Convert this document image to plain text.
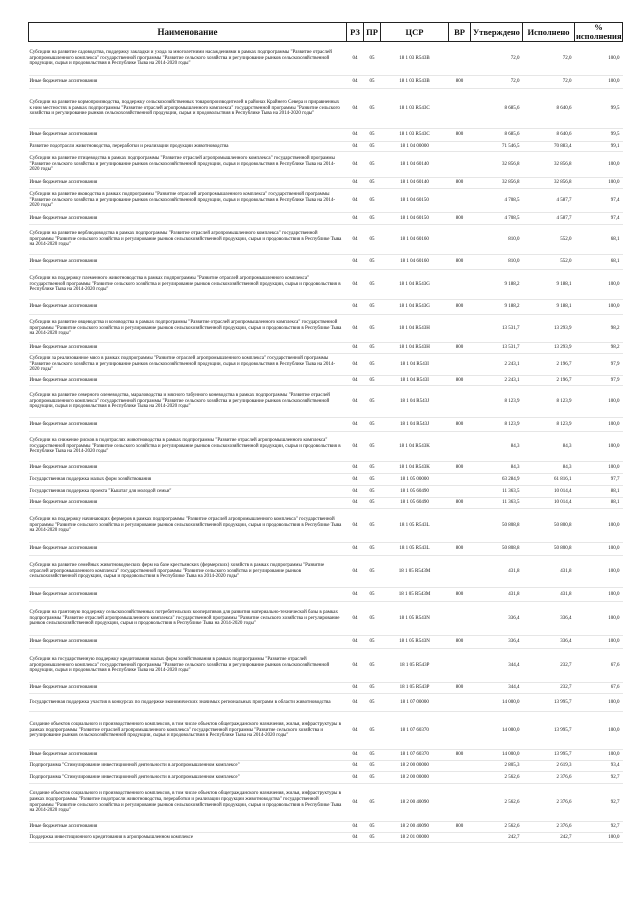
Наименование	РЗ	ПР	ЦСР	ВР	Утверждено	Исполнено	% исполнения
Субсидии на развитие садоводства, поддержку закладки и ухода за многолетними насаждениями в рамках подпрограммы "Развитие отраслей агропромышленного комплекса" государственной программы "Развитие сельского хозяйства и регулирование рынков сельскохозяйственной продукции, сырья и продовольствия в Республике Тыва на 2014-2020 годы"	04	05	18 1 03 R543B		72,0	72,0	100,0
Иные бюджетные ассигнования	04	05	18 1 03 R543B	800	72,0	72,0	100,0
Субсидии на развитие кормопроизводства, поддержку сельскохозяйственных товаропроизводителей в районах Крайнего Севера и приравненных к ним местностях в рамках подпрограммы "Развитие отраслей агропромышленного комплекса" государственной программы "Развитие сельского хозяйства и регулирование рынков сельскохозяйственной продукции, сырья и продовольствия в Республике Тыва на 2014-2020 годы"	04	05	18 1 03 R543C		8 685,6	8 640,6	99,5
Иные бюджетные ассигнования	04	05	18 1 03 R543C	800	8 685,6	8 640,6	99,5
Развитие подотрасли животноводства, переработки и реализации продукции животноводства	04	05	18 1 04 00000		71 546,5	70 883,4	99,1
Субсидии на развитие птицеводства в рамках подпрограммы "Развитие отраслей агропромышленного комплекса" государственной программы "Развитие сельского хозяйства и регулирование рынков сельскохозяйственной продукции, сырья и продовольствия в Республике Тыва на 2014-2020 годы"	04	05	18 1 04 60140		32 856,8	32 856,8	100,0
Иные бюджетные ассигнования	04	05	18 1 04 60140	800	32 856,8	32 856,8	100,0
Субсидии на развитие яководства в рамках подпрограммы "Развитие отраслей агропромышленного комплекса" государственной программы "Развитие сельского хозяйства и регулирование рынков сельскохозяйственной продукции, сырья и продовольствия в Республике Тыва на 2014-2020 годы"	04	05	18 1 04 60150		4 708,5	4 587,7	97,4
Иные бюджетные ассигнования	04	05	18 1 04 60150	800	4 708,5	4 587,7	97,4
Субсидии на развитие верблюдоводства в рамках подпрограммы "Развитие отраслей агропромышленного комплекса" государственной программы "Развитие сельского хозяйства и регулирование рынков сельскохозяйственной продукции, сырья и продовольствия в Республике Тыва на 2014-2020 годы"	04	05	18 1 04 60160		810,0	552,0	68,1
Иные бюджетные ассигнования	04	05	18 1 04 60160	800	810,0	552,0	68,1
Субсидии на поддержку племенного животноводства в рамках подпрограммы "Развитие отраслей агропромышленного комплекса" государственной программы "Развитие сельского хозяйства и регулирование рынков сельскохозяйственной продукции, сырья и продовольствия в Республике Тыва на 2014-2020 годы"	04	05	18 1 04 R543G		9 188,2	9 188,1	100,0
Иные бюджетные ассигнования	04	05	18 1 04 R543G	800	9 188,2	9 188,1	100,0
Субсидии на развитие овцеводства и козоводства в рамках подпрограммы "Развитие отраслей агропромышленного комплекса" государственной программы "Развитие сельского хозяйства и регулирование рынков сельскохозяйственной продукции, сырья и продовольствия в Республике Тыва на 2014-2020 годы"	04	05	18 1 04 R543H		13 531,7	13 293,9	98,2
Иные бюджетные ассигнования	04	05	18 1 04 R543H	800	13 531,7	13 293,9	98,2
Субсидии за реализованное мясо в рамках подпрограммы "Развитие отраслей агропромышленного комплекса" государственной программы "Развитие сельского хозяйства и регулирование рынков сельскохозяйственной продукции, сырья и продовольствия в Республике Тыва на 2014-2020 годы"	04	05	18 1 04 R543I		2 243,1	2 196,7	97,9
Иные бюджетные ассигнования	04	05	18 1 04 R543I	800	2 243,1	2 196,7	97,9
Субсидии на развитие северного оленеводства, мараловодства и мясного табунного коневодства в рамках подпрограммы "Развитие отраслей агропромышленного комплекса" государственной программы "Развитие сельского хозяйства и регулирование рынков сельскохозяйственной продукции, сырья и продовольствия в Республике Тыва на 2014-2020 годы"	04	05	18 1 04 R543J		8 123,9	8 123,9	100,0
Иные бюджетные ассигнования	04	05	18 1 04 R543J	800	8 123,9	8 123,9	100,0
Субсидии на снижение рисков в подотраслях животноводства в рамках подпрограммы "Развитие отраслей агропромышленного комплекса" государственной программы "Развитие сельского хозяйства и регулирование рынков сельскохозяйственной продукции, сырья и продовольствия в Республике Тыва на 2014-2020 годы"	04	05	18 1 04 R543K		84,3	84,3	100,0
Иные бюджетные ассигнования	04	05	18 1 04 R543K	800	84,3	84,3	100,0
Государственная поддержка малых форм хозяйствования	04	05	18 1 05 00000		63 284,9	61 816,1	97,7
Государственная поддержка проекта "Кыштаг для молодой семьи"	04	05	18 1 05 60490		11 363,5	10 014,4	88,1
Иные бюджетные ассигнования	04	05	18 1 05 60490	800	11 363,5	10 014,4	88,1
Субсидии на поддержку начинающих фермеров в рамках подпрограммы "Развитие отраслей агропромышленного комплекса" государственной программы "Развитие сельского хозяйства и регулирование рынков сельскохозяйственной продукции, сырья и продовольствия в Республике Тыва на 2014-2020 годы"	04	05	18 1 05 R543L		50 808,8	50 800,8	100,0
Иные бюджетные ассигнования	04	05	18 1 05 R543L	800	50 808,8	50 800,8	100,0
Субсидии на развитие семейных животноводческих ферм на базе крестьянских (фермерских) хозяйств в рамках подпрограммы "Развитие отраслей агропромышленного комплекса" государственной программы "Развитие сельского хозяйства и регулирование рынков сельскохозяйственной продукции, сырья и продовольствия в Республике Тыва на 2014-2020 годы"	04	05	18 1 05 R543M		431,8	431,8	100,0
Иные бюджетные ассигнования	04	05	18 1 05 R543M	800	431,8	431,8	100,0
Субсидии на грантовую поддержку сельскохозяйственных потребительских кооперативов для развития материально-технической базы в рамках подпрограммы "Развитие отраслей агропромышленного комплекса" государственной программы "Развитие сельского хозяйства и регулирование рынков сельскохозяйственной продукции, сырья и продовольствия в Республике Тыва на 2014-2020 годы"	04	05	18 1 05 R543N		336,4	336,4	100,0
Иные бюджетные ассигнования	04	05	18 1 05 R543N	800	336,4	336,4	100,0
Субсидии на государственную поддержку кредитования малых форм хозяйствования в рамках подпрограммы "Развитие отраслей агропромышленного комплекса" государственной программы "Развитие сельского хозяйства и регулирование рынков сельскохозяйственной продукции, сырья и продовольствия в Республике Тыва на 2014-2020 годы"	04	05	18 1 05 R543P		344,4	232,7	67,6
Иные бюджетные ассигнования	04	05	18 1 05 R543P	800	344,4	232,7	67,6
Государственная поддержка участия в конкурсах по поддержке экономических значимых региональных программ в области животноводства	04	05	18 1 07 00000		14 000,0	13 995,7	100,0
Создание объектов социального и производственного комплексов, в том числе объектов общегражданского назначения, жилья, инфраструктуры в рамках подпрограммы "Развитие отраслей агропромышленного комплекса" государственной программы "Развитие сельского хозяйства и регулирование рынков сельскохозяйственной продукции, сырья и продовольствия в Республике Тыва на 2014-2020 годы"	04	05	18 1 07 60370		14 000,0	13 995,7	100,0
Иные бюджетные ассигнования	04	05	18 1 07 60370	800	14 000,0	13 995,7	100,0
Подпрограмма "Стимулирование инвестиционной деятельности в агропромышленном комплексе"	04	05	18 2 00 00000		2 805,3	2 619,3	93,4
Подпрограмма "Стимулирование инвестиционной деятельности в агропромышленном комплексе"	04	05	18 2 00 00000		2 562,6	2 376,6	92,7
Создание объектов социального и производственного комплексов, в том числе объектов общегражданского назначения, жилья, инфраструктуры в рамках подпрограммы "Развитие подотрасли животноводства, переработки и реализации продукции животноводства" государственной программы "Развитие сельского хозяйства и регулирование рынков сельскохозяйственной продукции, сырья и продовольствия в Республике Тыва на 2014-2020 годы"	04	05	18 2 00 40090		2 562,6	2 376,6	92,7
Иные бюджетные ассигнования	04	05	18 2 00 40090	800	2 562,6	2 376,6	92,7
Поддержка инвестиционного кредитования в агропромышленном комплексе	04	05	18 2 01 00000		242,7	242,7	100,0
